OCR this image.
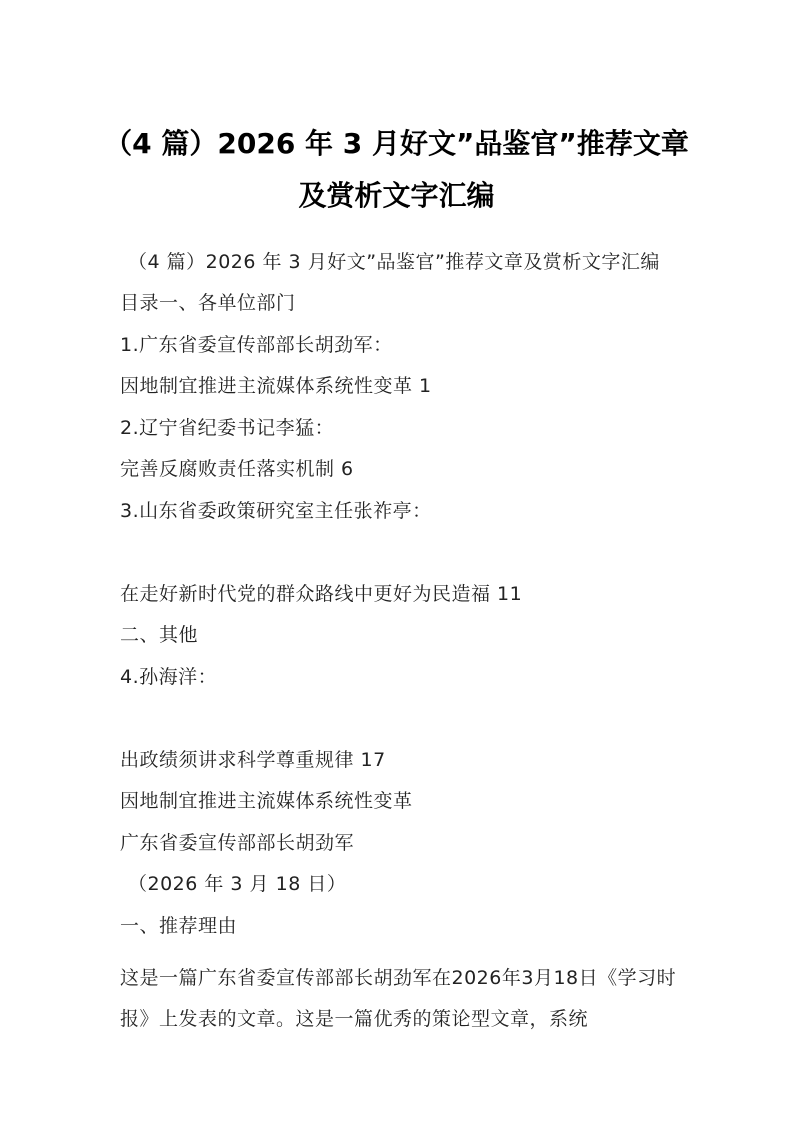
（4 篇）2026 年 3 月好文”品鉴官”推荐文章及赏析文字汇编
（4 篇）2026 年 3 月好文”品鉴官”推荐文章及赏析文字汇编
目录一、各单位部门
1.广东省委宣传部部长胡劲军：
因地制宜推进主流媒体系统性变革 1
2.辽宁省纪委书记李猛：
完善反腐败责任落实机制 6
3.山东省委政策研究室主任张祚亭：
在走好新时代党的群众路线中更好为民造福 11
二、其他
4.孙海洋：
出政绩须讲求科学尊重规律 17
因地制宜推进主流媒体系统性变革
广东省委宣传部部长胡劲军
（2026 年 3 月 18 日）
一、推荐理由
这是一篇广东省委宣传部部长胡劲军在2026年3月18日《学习时报》上发表的文章。这是一篇优秀的策论型文章，系统
